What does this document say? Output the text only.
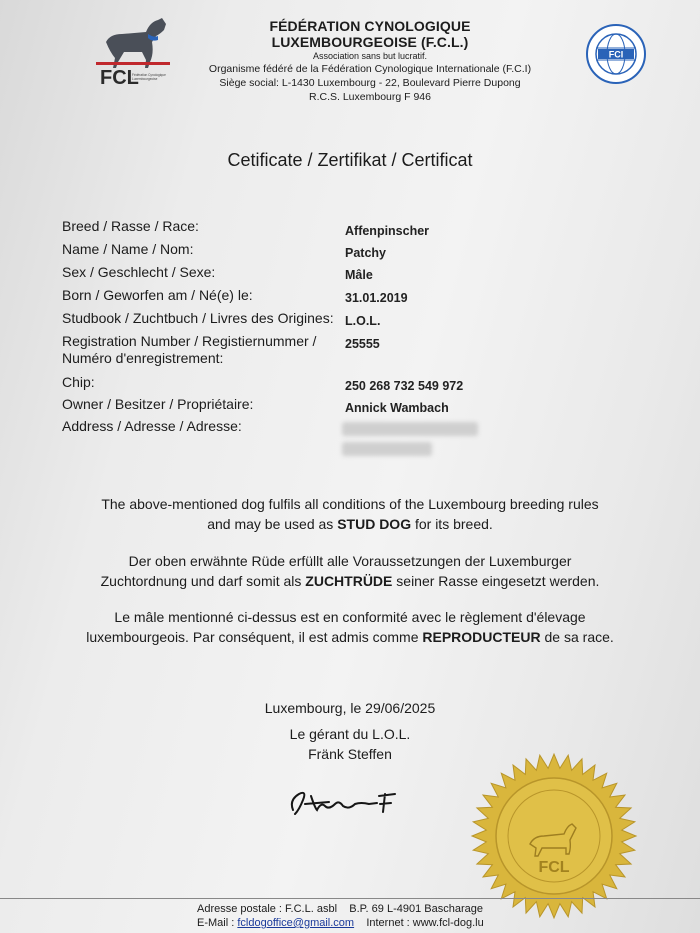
FCL
Fédération Cynologique
Luxembourgeoise
FÉDÉRATION CYNOLOGIQUE LUXEMBOURGEOISE (F.C.L.)
Association sans but lucratif.
Organisme fédéré de la Fédération Cynologique Internationale (F.C.I)
Siège social: L-1430 Luxembourg - 22, Boulevard Pierre Dupong
R.C.S. Luxembourg F 946
FCI
Cetificate / Zertifikat / Certificat
Breed / Rasse / Race:	Affenpinscher
Name / Name / Nom:	Patchy
Sex / Geschlecht / Sexe:	Mâle
Born / Geworfen am / Né(e) le:	31.01.2019
Studbook / Zuchtbuch / Livres des Origines: L.O.L.
Registration Number / Registiernummer /
Numéro d'enregistrement:
25555
Chip:	250 268 732 549 972
Owner / Besitzer / Propriétaire:	Annick Wambach
Address / Adresse / Adresse:
The above-mentioned dog fulfils all conditions of the Luxembourg breeding rules
and may be used as STUD DOG for its breed.
Der oben erwähnte Rüde erfüllt alle Voraussetzungen der Luxemburger
Zuchtordnung und darf somit als ZUCHTRÜDE seiner Rasse eingesetzt werden.
Le mâle mentionné ci-dessus est en conformité avec le règlement d'élevage
luxembourgeois. Par conséquent, il est admis comme REPRODUCTEUR de sa race.
Luxembourg, le 29/06/2025
Le gérant du L.O.L.
Fränk Steffen
FCL
Adresse postale : F.C.L. asbl B.P. 69 L-4901 Bascharage
E-Mail : fcldogoffice@gmail.com Internet : www.fcl-dog.lu
